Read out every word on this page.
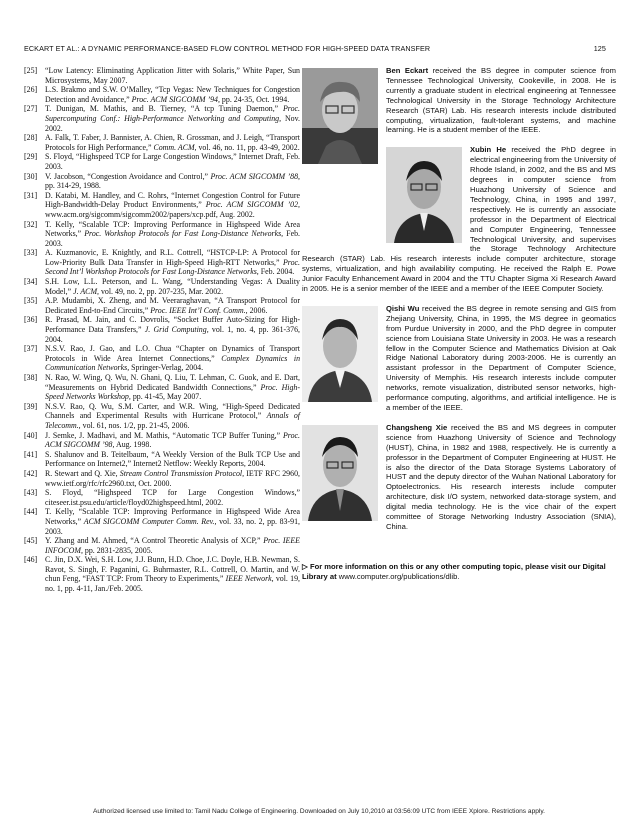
ECKART ET AL.: A DYNAMIC PERFORMANCE-BASED FLOW CONTROL METHOD FOR HIGH-SPEED DATA TRANSFER	125

[25] “Low Latency: Eliminating Application Jitter with Solaris,” White Paper, Sun Microsystems, May 2007.

[26] L.S. Brakmo and S.W. O’Malley, “Tcp Vegas: New Techniques for Congestion Detection and Avoidance,” Proc. ACM SIGCOMM ’94, pp. 24-35, Oct. 1994.

[27] T. Dunigan, M. Mathis, and B. Tierney, “A tcp Tuning Daemon,” Proc. Supercomputing Conf.: High-Performance Networking and Computing, Nov. 2002.

[28] A. Falk, T. Faber, J. Bannister, A. Chien, R. Grossman, and J. Leigh, “Transport Protocols for High Performance,” Comm. ACM, vol. 46, no. 11, pp. 43-49, 2002.

[29] S. Floyd, “Highspeed TCP for Large Congestion Windows,” Internet Draft, Feb. 2003.

[30] V. Jacobson, “Congestion Avoidance and Control,” Proc. ACM SIGCOMM ’88, pp. 314-29, 1988.

[31] D. Katabi, M. Handley, and C. Rohrs, “Internet Congestion Control for Future High-Bandwidth-Delay Product Environments,” Proc. ACM SIGCOMM ’02, www.acm.org/sigcomm/sigcomm2002/papers/xcp.pdf, Aug. 2002.

[32] T. Kelly, “Scalable TCP: Improving Performance in Highspeed Wide Area Networks,” Proc. Workshop Protocols for Fast Long-Distance Networks, Feb. 2003.

[33] A. Kuzmanovic, E. Knightly, and R.L. Cottrell, “HSTCP-LP: A Protocol for Low-Priority Bulk Data Transfer in High-Speed High-RTT Networks,” Proc. Second Int’l Workshop Protocols for Fast Long-Distance Networks, Feb. 2004.

[34] S.H. Low, L.L. Peterson, and L. Wang, “Understanding Vegas: A Duality Model,” J. ACM, vol. 49, no. 2, pp. 207-235, Mar. 2002.

[35] A.P. Mudambi, X. Zheng, and M. Veeraraghavan, “A Transport Protocol for Dedicated End-to-End Circuits,” Proc. IEEE Int’l Conf. Comm., 2006.

[36] R. Prasad, M. Jain, and C. Dovrolis, “Socket Buffer Auto-Sizing for High-Performance Data Transfers,” J. Grid Computing, vol. 1, no. 4, pp. 361-376, 2004.

[37] N.S.V. Rao, J. Gao, and L.O. Chua “Chapter on Dynamics of Transport Protocols in Wide Area Internet Connections,” Complex Dynamics in Communication Networks, Springer-Verlag, 2004.

[38] N. Rao, W. Wing, Q. Wu, N. Ghani, Q. Liu, T. Lehman, C. Guok, and E. Dart, “Measurements on Hybrid Dedicated Bandwidth Connections,” Proc. High-Speed Networks Workshop, pp. 41-45, May 2007.

[39] N.S.V. Rao, Q. Wu, S.M. Carter, and W.R. Wing, “High-Speed Dedicated Channels and Experimental Results with Hurricane Protocol,” Annals of Telecomm., vol. 61, nos. 1/2, pp. 21-45, 2006.

[40] J. Semke, J. Madhavi, and M. Mathis, “Automatic TCP Buffer Tuning,” Proc. ACM SIGCOMM ’98, Aug. 1998.

[41] S. Shalunov and B. Teitelbaum, “A Weekly Version of the Bulk TCP Use and Performance on Internet2,” Internet2 Netflow: Weekly Reports, 2004.

[42] R. Stewart and Q. Xie, Stream Control Transmission Protocol, IETF RFC 2960, www.ietf.org/rfc/rfc2960.txt, Oct. 2000.

[43] S. Floyd, “Highspeed TCP for Large Congestion Windows,” citeseer.ist.psu.edu/article/floyd02highspeed.html, 2002.

[44] T. Kelly, “Scalable TCP: Improving Performance in Highspeed Wide Area Networks,” ACM SIGCOMM Computer Comm. Rev., vol. 33, no. 2, pp. 83-91, 2003.

[45] Y. Zhang and M. Ahmed, “A Control Theoretic Analysis of XCP,” Proc. IEEE INFOCOM, pp. 2831-2835, 2005.

[46] C. Jin, D.X. Wei, S.H. Low, J.J. Bunn, H.D. Choe, J.C. Doyle, H.B. Newman, S. Ravot, S. Singh, F. Paganini, G. Buhrmaster, R.L. Cottrell, O. Martin, and W. chun Feng, “FAST TCP: From Theory to Experiments,” IEEE Network, vol. 19, no. 1, pp. 4-11, Jan./Feb. 2005.

Ben Eckart received the BS degree in computer science from Tennessee Technological University, Cookeville, in 2008. He is currently a graduate student in electrical engineering at Tennessee Technological University in the Storage Technology Architecture Research (STAR) Lab. His research interests include distributed computing, virtualization, fault-tolerant systems, and machine learning. He is a student member of the IEEE.

Xubin He received the PhD degree in electrical engineering from the University of Rhode Island, in 2002, and the BS and MS degrees in computer science from Huazhong University of Science and Technology, China, in 1995 and 1997, respectively. He is currently an associate professor in the Department of Electrical and Computer Engineering, Tennessee Technological University, and supervises the Storage Technology Architecture Research (STAR) Lab. His research interests include computer architecture, storage systems, virtualization, and high availability computing. He received the Ralph E. Powe Junior Faculty Enhancement Award in 2004 and the TTU Chapter Sigma Xi Research Award in 2005. He is a senior member of the IEEE and a member of the IEEE Computer Society.

Qishi Wu received the BS degree in remote sensing and GIS from Zhejiang University, China, in 1995, the MS degree in geomatics from Purdue University in 2000, and the PhD degree in computer science from Louisiana State University in 2003. He was a research fellow in the Computer Science and Mathematics Division at Oak Ridge National Laboratory during 2003-2006. He is currently an assistant professor in the Department of Computer Science, University of Memphis. His research interests include computer networks, remote visualization, distributed sensor networks, high-performance computing, algorithms, and artificial intelligence. He is a member of the IEEE.

Changsheng Xie received the BS and MS degrees in computer science from Huazhong University of Science and Technology (HUST), China, in 1982 and 1988, respectively. He is currently a professor in the Department of Computer Engineering at HUST. He is also the director of the Data Storage Systems Laboratory of HUST and the deputy director of the Wuhan National Laboratory for Optoelectronics. His research interests include computer architecture, disk I/O system, networked data-storage system, and digital media technology. He is the vice chair of the expert committee of Storage Networking Industry Association (SNIA), China.

▷ For more information on this or any other computing topic, please visit our Digital Library at www.computer.org/publications/dlib.

Authorized licensed use limited to: Tamil Nadu College of Engineering. Downloaded on July 10,2010 at 03:56:09 UTC from IEEE Xplore. Restrictions apply.
